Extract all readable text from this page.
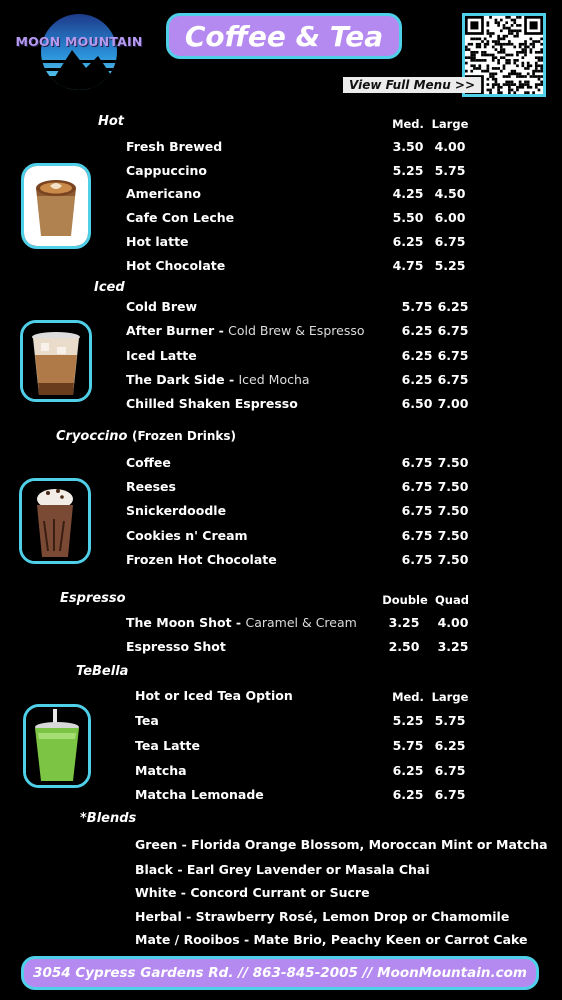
MOON MOUNTAIN Coffee & Tea
View Full Menu >>
Hot	Med. Large
Fresh Brewed	3.50 4.00
Cappuccino	5.25 5.75
Americano	4.25 4.50
Cafe Con Leche	5.50 6.00
Hot latte	6.25 6.75
Hot Chocolate	4.75 5.25
Iced
Cold Brew	5.75 6.25
After Burner - Cold Brew & Espresso	6.25 6.75
Iced Latte	6.25 6.75
The Dark Side - Iced Mocha	6.25 6.75
Chilled Shaken Espresso	6.50 7.00
Cryoccino (Frozen Drinks)
Coffee	6.75 7.50
Reeses	6.75 7.50
Snickerdoodle	6.75 7.50
Cookies n' Cream	6.75 7.50
Frozen Hot Chocolate	6.75 7.50
Espresso	Double Quad
The Moon Shot - Caramel & Cream	3.25	4.00
Espresso Shot	2.50	3.25
TeBella
Hot or Iced Tea Option	Med. Large
Tea	5.25 5.75
Tea Latte	5.75 6.25
Matcha	6.25 6.75
Matcha Lemonade	6.25 6.75
*Blends
Green - Florida Orange Blossom, Moroccan Mint or Matcha
Black - Earl Grey Lavender or Masala Chai
White - Concord Currant or Sucre
Herbal - Strawberry Rosé, Lemon Drop or Chamomile
Mate / Rooibos - Mate Brio, Peachy Keen or Carrot Cake
3054 Cypress Gardens Rd. // 863-845-2005 // MoonMountain.com
